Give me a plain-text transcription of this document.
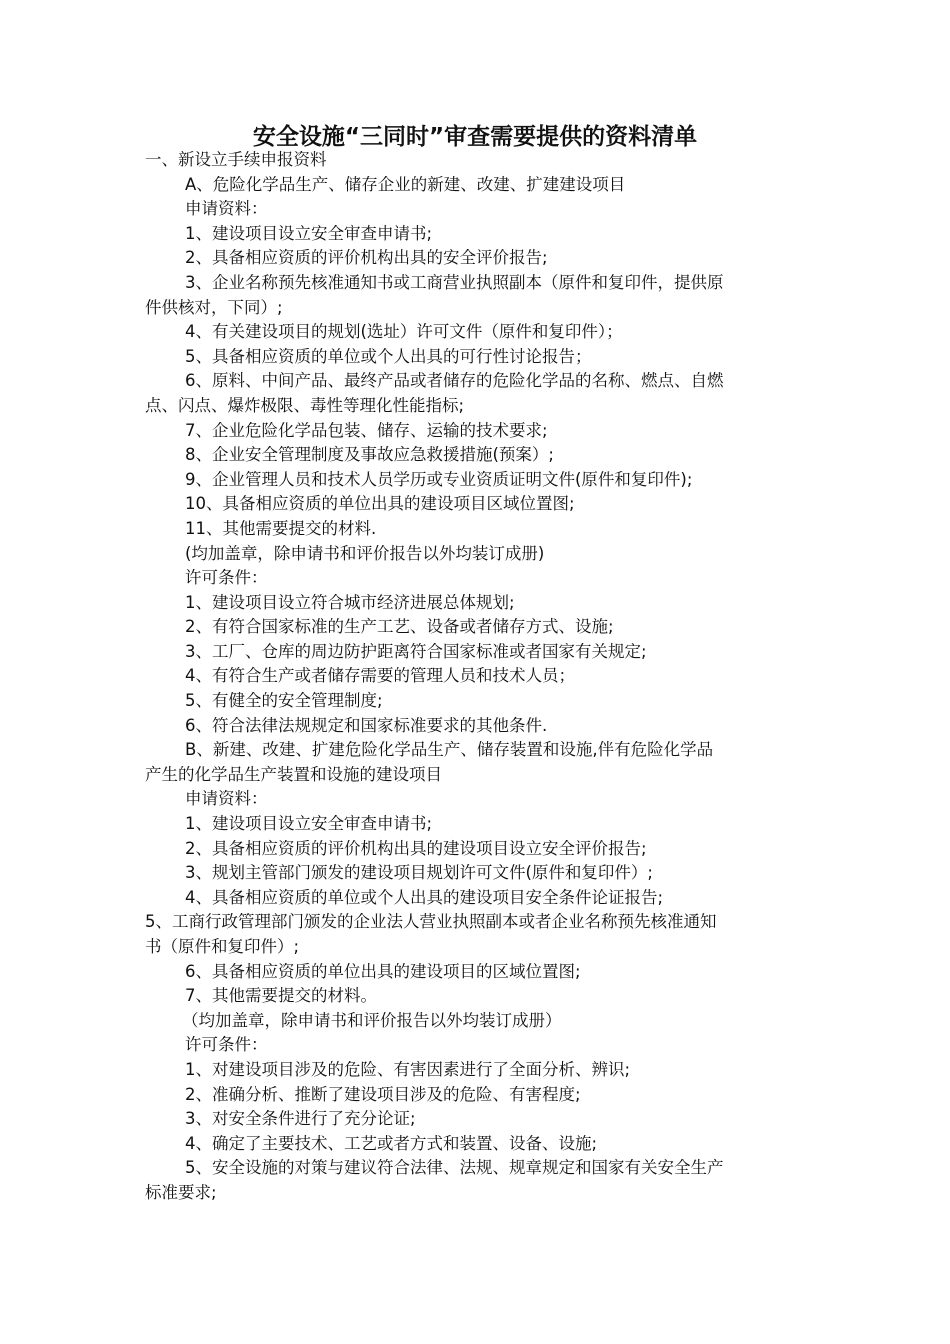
安全设施“三同时”审查需要提供的资料清单
一、新设立手续申报资料
A、危险化学品生产、储存企业的新建、改建、扩建建设项目
申请资料：
1、建设项目设立安全审查申请书;
2、具备相应资质的评价机构出具的安全评价报告;
3、企业名称预先核准通知书或工商营业执照副本（原件和复印件，提供原
件供核对，下同）;
4、有关建设项目的规划(选址）许可文件（原件和复印件）；
5、具备相应资质的单位或个人出具的可行性讨论报告；
6、原料、中间产品、最终产品或者储存的危险化学品的名称、燃点、自燃
点、闪点、爆炸极限、毒性等理化性能指标;
7、企业危险化学品包装、储存、运输的技术要求;
8、企业安全管理制度及事故应急救援措施(预案）;
9、企业管理人员和技术人员学历或专业资质证明文件(原件和复印件);
10、具备相应资质的单位出具的建设项目区域位置图;
11、其他需要提交的材料.
(均加盖章，除申请书和评价报告以外均装订成册)
许可条件：
1、建设项目设立符合城市经济进展总体规划;
2、有符合国家标准的生产工艺、设备或者储存方式、设施;
3、工厂、仓库的周边防护距离符合国家标准或者国家有关规定;
4、有符合生产或者储存需要的管理人员和技术人员；
5、有健全的安全管理制度;
6、符合法律法规规定和国家标准要求的其他条件.
B、新建、改建、扩建危险化学品生产、储存装置和设施,伴有危险化学品
产生的化学品生产装置和设施的建设项目
申请资料：
1、建设项目设立安全审查申请书;
2、具备相应资质的评价机构出具的建设项目设立安全评价报告;
3、规划主管部门颁发的建设项目规划许可文件(原件和复印件）;
4、具备相应资质的单位或个人出具的建设项目安全条件论证报告;
5、工商行政管理部门颁发的企业法人营业执照副本或者企业名称预先核准通知
书（原件和复印件）;
6、具备相应资质的单位出具的建设项目的区域位置图;
7、其他需要提交的材料。
（均加盖章，除申请书和评价报告以外均装订成册）
许可条件：
1、对建设项目涉及的危险、有害因素进行了全面分析、辨识;
2、准确分析、推断了建设项目涉及的危险、有害程度;
3、对安全条件进行了充分论证;
4、确定了主要技术、工艺或者方式和装置、设备、设施;
5、安全设施的对策与建议符合法律、法规、规章规定和国家有关安全生产
标准要求;
